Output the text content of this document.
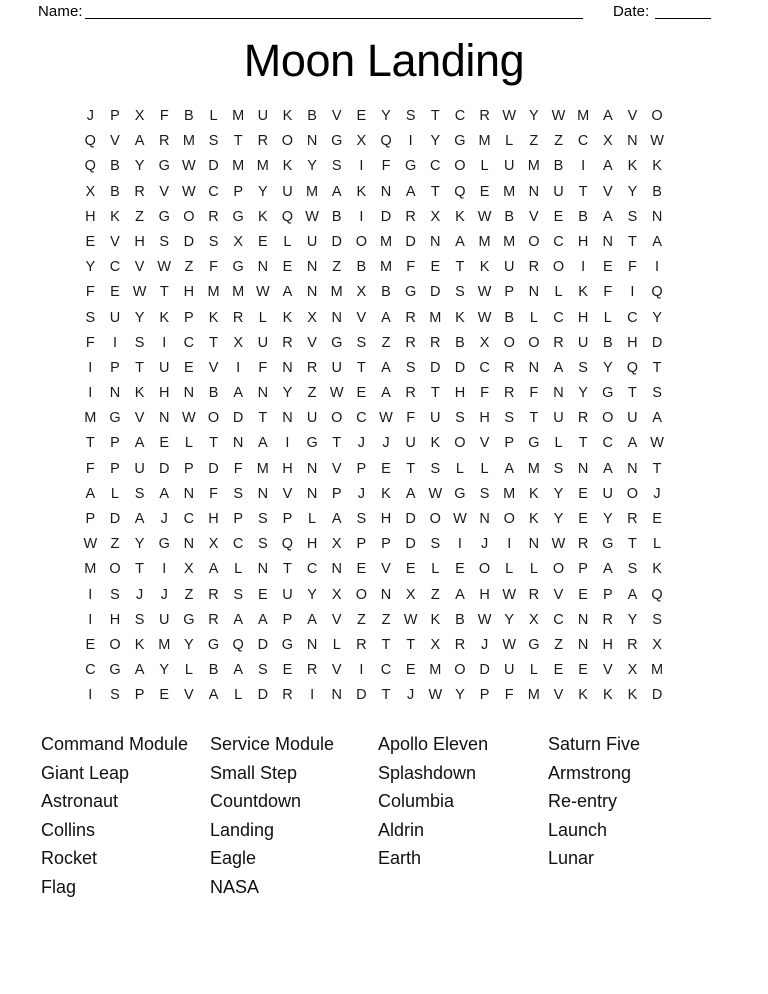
Name:	Date:
Moon Landing
J	P	X	F	B	L	M U	K	B	V	E	Y	S	T	C R W Y W M A	V O
Q V	A	R M S	T	R O N G X Q	I	Y G M	L	Z	Z	C	X	N W
Q B	Y G W D M M K	Y	S	I	F	G C O	L	U M B	I	A	K	K
X	B	R	V W C	P	Y	U M A	K	N	A	T	Q E M N U	T	V	Y	B
H	K	Z	G O R G K Q W B	I	D R	X	K W B	V	E	B	A	S	N
E	V	H	S	D	S	X	E	L	U D O M D N	A M M O C H N	T	A
Y	C	V W Z	F	G N	E	N	Z	B M F	E	T	K	U R O	I	E	F	I
F	E W T	H M M W A	N M X	B G D	S W P	N	L	K	F	I	Q
S	U	Y	K	P	K	R	L	K	X	N	V	A	R M K W B	L	C H	L	C	Y
F	I	S	I	C	T	X	U R	V G S	Z	R R	B	X O O R U	B	H D
I	P	T	U	E	V	I	F	N R U	T	A	S	D D C R N	A	S	Y Q	T
I	N	K	H N	B	A	N	Y	Z W E	A	R	T	H	F	R	F	N	Y G	T	S
M G V	N W O D	T	N U O C W F	U	S	H	S	T	U R O U	A
T	P	A	E	L	T	N	A	I	G	T	J	J	U	K O V	P G	L	T	C	A W
F	P	U D	P	D	F M H N	V	P	E	T	S	L	L	A M S	N	A	N	T
A	L	S	A	N	F	S	N	V	N	P	J	K	A W G S M K	Y	E	U O	J
P	D	A	J	C H	P	S	P	L	A	S	H D O W N O K	Y	E	Y	R	E
W Z	Y G N	X	C	S Q H	X	P	P	D	S	I	J	I	N W R G	T	L
M O	T	I	X	A	L	N	T	C N	E	V	E	L	E O	L	L	O P	A	S	K
I	S	J	J	Z	R	S	E	U	Y	X O N	X	Z	A	H W R	V	E	P	A Q
I	H	S	U G R	A	A	P	A	V	Z	Z W K	B W Y	X	C N R	Y	S
E O K M Y G Q D G N	L	R	T	T	X	R	J W G	Z	N H R	X
C G A	Y	L	B	A	S	E	R	V	I	C	E M O D U	L	E	E	V	X M
I	S	P	E	V	A	L	D R	I	N D	T	J W Y	P	F M V	K	K	K	D
Command Module
Giant Leap
Astronaut
Collins
Rocket
Flag
Service Module
Small Step
Countdown
Landing
Eagle
NASA
Apollo Eleven
Splashdown
Columbia
Aldrin
Earth
Saturn Five
Armstrong
Re-entry
Launch
Lunar
